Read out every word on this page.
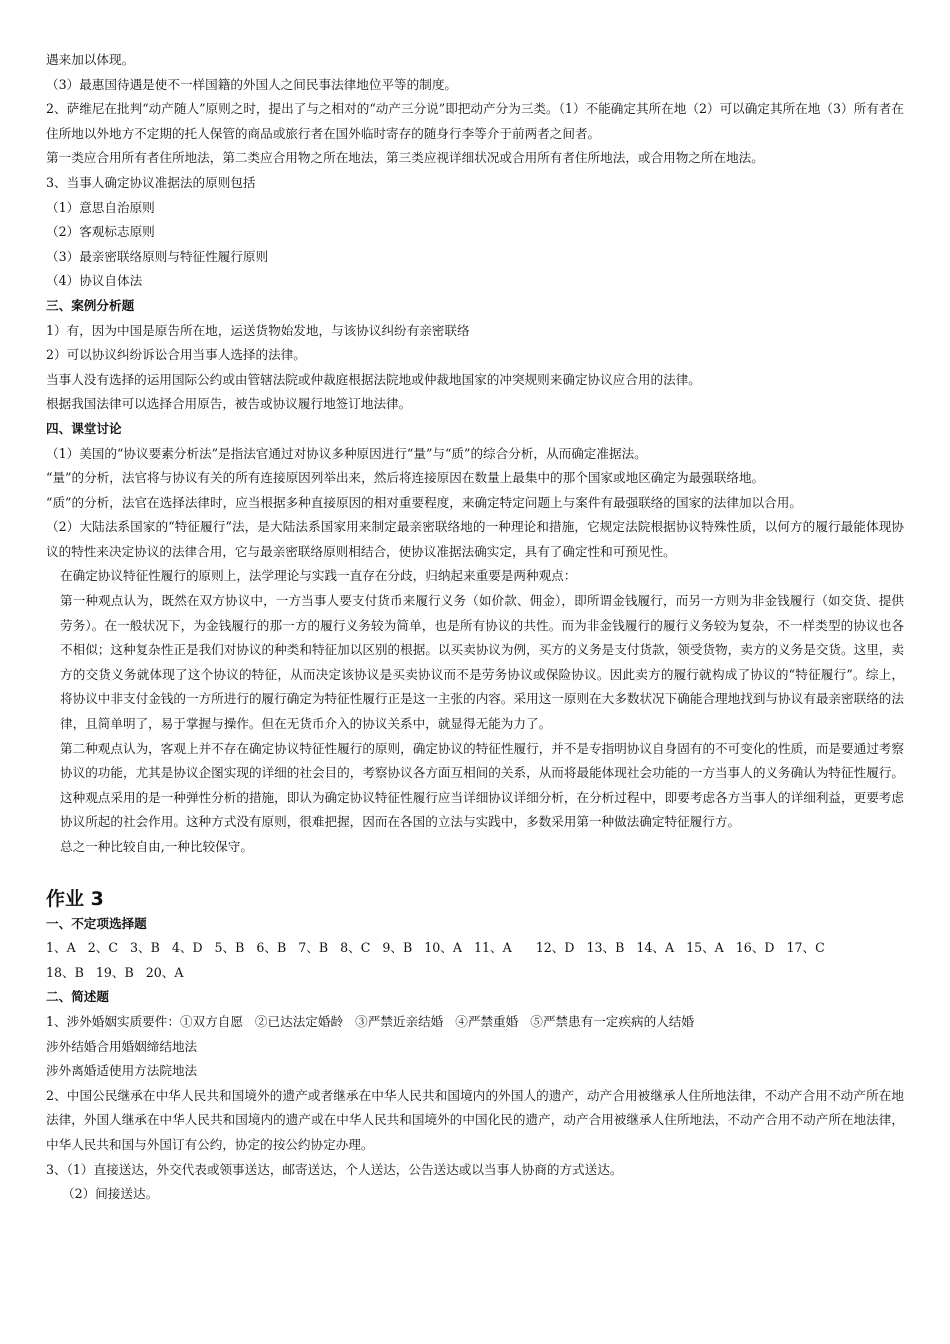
遇来加以体现。
（3）最惠国待遇是使不一样国籍的外国人之间民事法律地位平等的制度。
2、萨维尼在批判“动产随人”原则之时，提出了与之相对的“动产三分说”即把动产分为三类。（1）不能确定其所在地（2）可以确定其所在地（3）所有者在住所地以外地方不定期的托人保管的商品或旅行者在国外临时寄存的随身行李等介于前两者之间者。
第一类应合用所有者住所地法，第二类应合用物之所在地法，第三类应视详细状况或合用所有者住所地法，或合用物之所在地法。
3、当事人确定协议准据法的原则包括
（1）意思自治原则
（2）客观标志原则
（3）最亲密联络原则与特征性履行原则
（4）协议自体法
三、案例分析题
1）有，因为中国是原告所在地，运送货物始发地，与该协议纠纷有亲密联络
2）可以协议纠纷诉讼合用当事人选择的法律。
当事人没有选择的运用国际公约或由管辖法院或仲裁庭根据法院地或仲裁地国家的冲突规则来确定协议应合用的法律。
根据我国法律可以选择合用原告，被告或协议履行地签订地法律。
四、课堂讨论
（1）美国的“协议要素分析法”是指法官通过对协议多种原因进行“量”与“质”的综合分析，从而确定准据法。
“量”的分析，法官将与协议有关的所有连接原因列举出来，然后将连接原因在数量上最集中的那个国家或地区确定为最强联络地。
“质”的分析，法官在选择法律时，应当根据多种直接原因的相对重要程度，来确定特定问题上与案件有最强联络的国家的法律加以合用。
（2）大陆法系国家的“特征履行”法，是大陆法系国家用来制定最亲密联络地的一种理论和措施，它规定法院根据协议特殊性质，以何方的履行最能体现协议的特性来决定协议的法律合用，它与最亲密联络原则相结合，使协议准据法确实定，具有了确定性和可预见性。
在确定协议特征性履行的原则上，法学理论与实践一直存在分歧，归纳起来重要是两种观点：
第一种观点认为，既然在双方协议中，一方当事人要支付货币来履行义务（如价款、佣金），即所谓金钱履行，而另一方则为非金钱履行（如交货、提供劳务）。在一般状况下，为金钱履行的那一方的履行义务较为简单，也是所有协议的共性。而为非金钱履行的履行义务较为复杂，不一样类型的协议也各不相似；这种复杂性正是我们对协议的种类和特征加以区别的根据。以买卖协议为例，买方的义务是支付货款，领受货物，卖方的义务是交货。这里，卖方的交货义务就体现了这个协议的特征，从而决定该协议是买卖协议而不是劳务协议或保险协议。因此卖方的履行就构成了协议的“特征履行”。综上，将协议中非支付金钱的一方所进行的履行确定为特征性履行正是这一主张的内容。采用这一原则在大多数状况下确能合理地找到与协议有最亲密联络的法律，且简单明了，易于掌握与操作。但在无货币介入的协议关系中，就显得无能为力了。
第二种观点认为，客观上并不存在确定协议特征性履行的原则，确定协议的特征性履行，并不是专指明协议自身固有的不可变化的性质，而是要通过考察协议的功能，尤其是协议企图实现的详细的社会目的，考察协议各方面互相间的关系，从而将最能体现社会功能的一方当事人的义务确认为特征性履行。这种观点采用的是一种弹性分析的措施，即认为确定协议特征性履行应当详细协议详细分析，在分析过程中，即要考虑各方当事人的详细利益，更要考虑协议所起的社会作用。这种方式没有原则，很难把握，因而在各国的立法与实践中，多数采用第一种做法确定特征履行方。
总之一种比较自由,一种比较保守。
作业 3
一、不定项选择题
1、A   2、C   3、B   4、D   5、B   6、B   7、B   8、C   9、B   10、A   11、A      12、D   13、B   14、A   15、A   16、D   17、C
18、B   19、B   20、A
二、简述题
1、涉外婚姻实质要件：①双方自愿   ②已达法定婚龄   ③严禁近亲结婚   ④严禁重婚   ⑤严禁患有一定疾病的人结婚
涉外结婚合用婚姻缔结地法
涉外离婚适使用方法院地法
2、中国公民继承在中华人民共和国境外的遗产或者继承在中华人民共和国境内的外国人的遗产，动产合用被继承人住所地法律，不动产合用不动产所在地法律，外国人继承在中华人民共和国境内的遗产或在中华人民共和国境外的中国化民的遗产，动产合用被继承人住所地法，不动产合用不动产所在地法律，中华人民共和国与外国订有公约，协定的按公约协定办理。
3、（1）直接送达，外交代表或领事送达，邮寄送达，个人送达，公告送达或以当事人协商的方式送达。
（2）间接送达。
